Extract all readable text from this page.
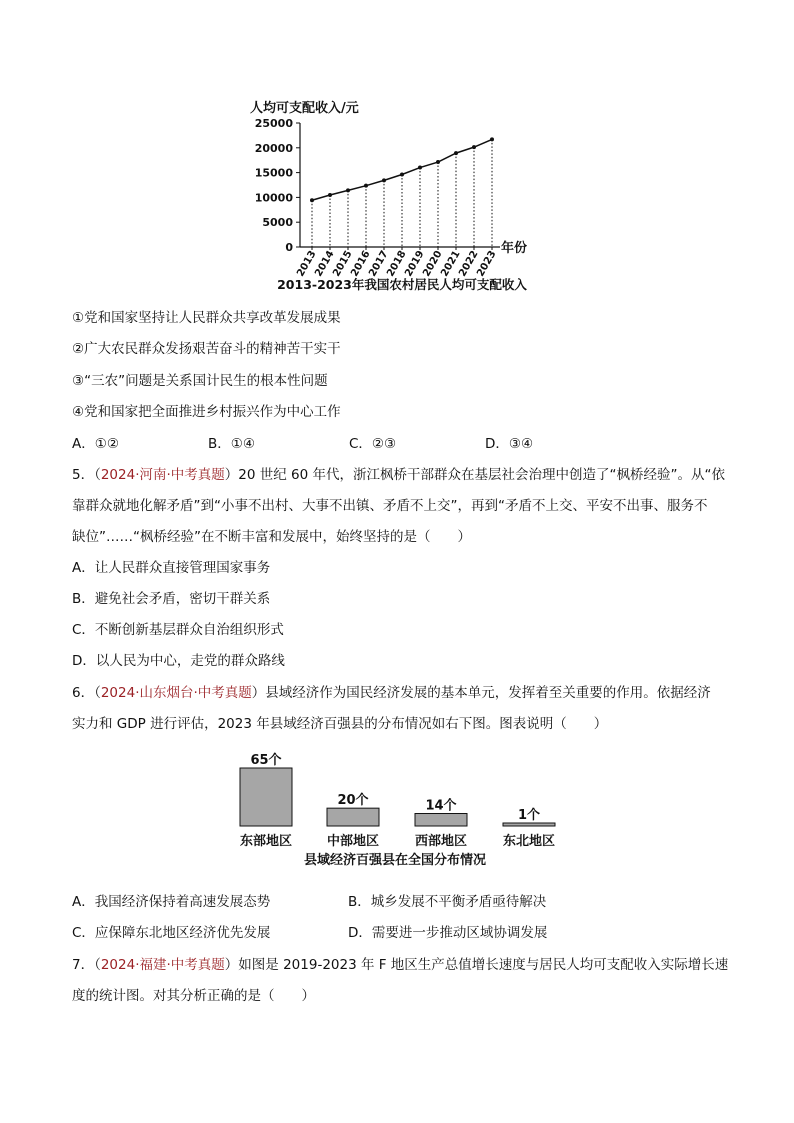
人均可支配收入/元
0
5000
10000
15000
20000
25000
2013
2014
2015
2016
2017
2018
2019
2020
2021
2022
2023
年份
2013-2023年我国农村居民人均可支配收入
①党和国家坚持让人民群众共享改革发展成果
②广大农民群众发扬艰苦奋斗的精神苦干实干
③“三农”问题是关系国计民生的根本性问题
④党和国家把全面推进乡村振兴作为中心工作
A．①②	B．①④	C．②③	D．③④
5．（2024·河南·中考真题）20 世纪 60 年代，浙江枫桥干部群众在基层社会治理中创造了“枫桥经验”。从“依
靠群众就地化解矛盾”到“小事不出村、大事不出镇、矛盾不上交”，再到“矛盾不上交、平安不出事、服务不
缺位”……“枫桥经验”在不断丰富和发展中，始终坚持的是（　　）
A．让人民群众直接管理国家事务
B．避免社会矛盾，密切干群关系
C．不断创新基层群众自治组织形式
D．以人民为中心，走党的群众路线
6．（2024·山东烟台·中考真题）县域经济作为国民经济发展的基本单元，发挥着至关重要的作用。依据经济
实力和 GDP 进行评估，2023 年县域经济百强县的分布情况如右下图。图表说明（　　）
65个
20个	14个
1个
东部地区	中部地区	西部地区	东北地区
县域经济百强县在全国分布情况
A．我国经济保持着高速发展态势	B．城乡发展不平衡矛盾亟待解决
C．应保障东北地区经济优先发展	D．需要进一步推动区域协调发展
7．（2024·福建·中考真题）如图是 2019-2023 年 F 地区生产总值增长速度与居民人均可支配收入实际增长速
度的统计图。对其分析正确的是（　　）
